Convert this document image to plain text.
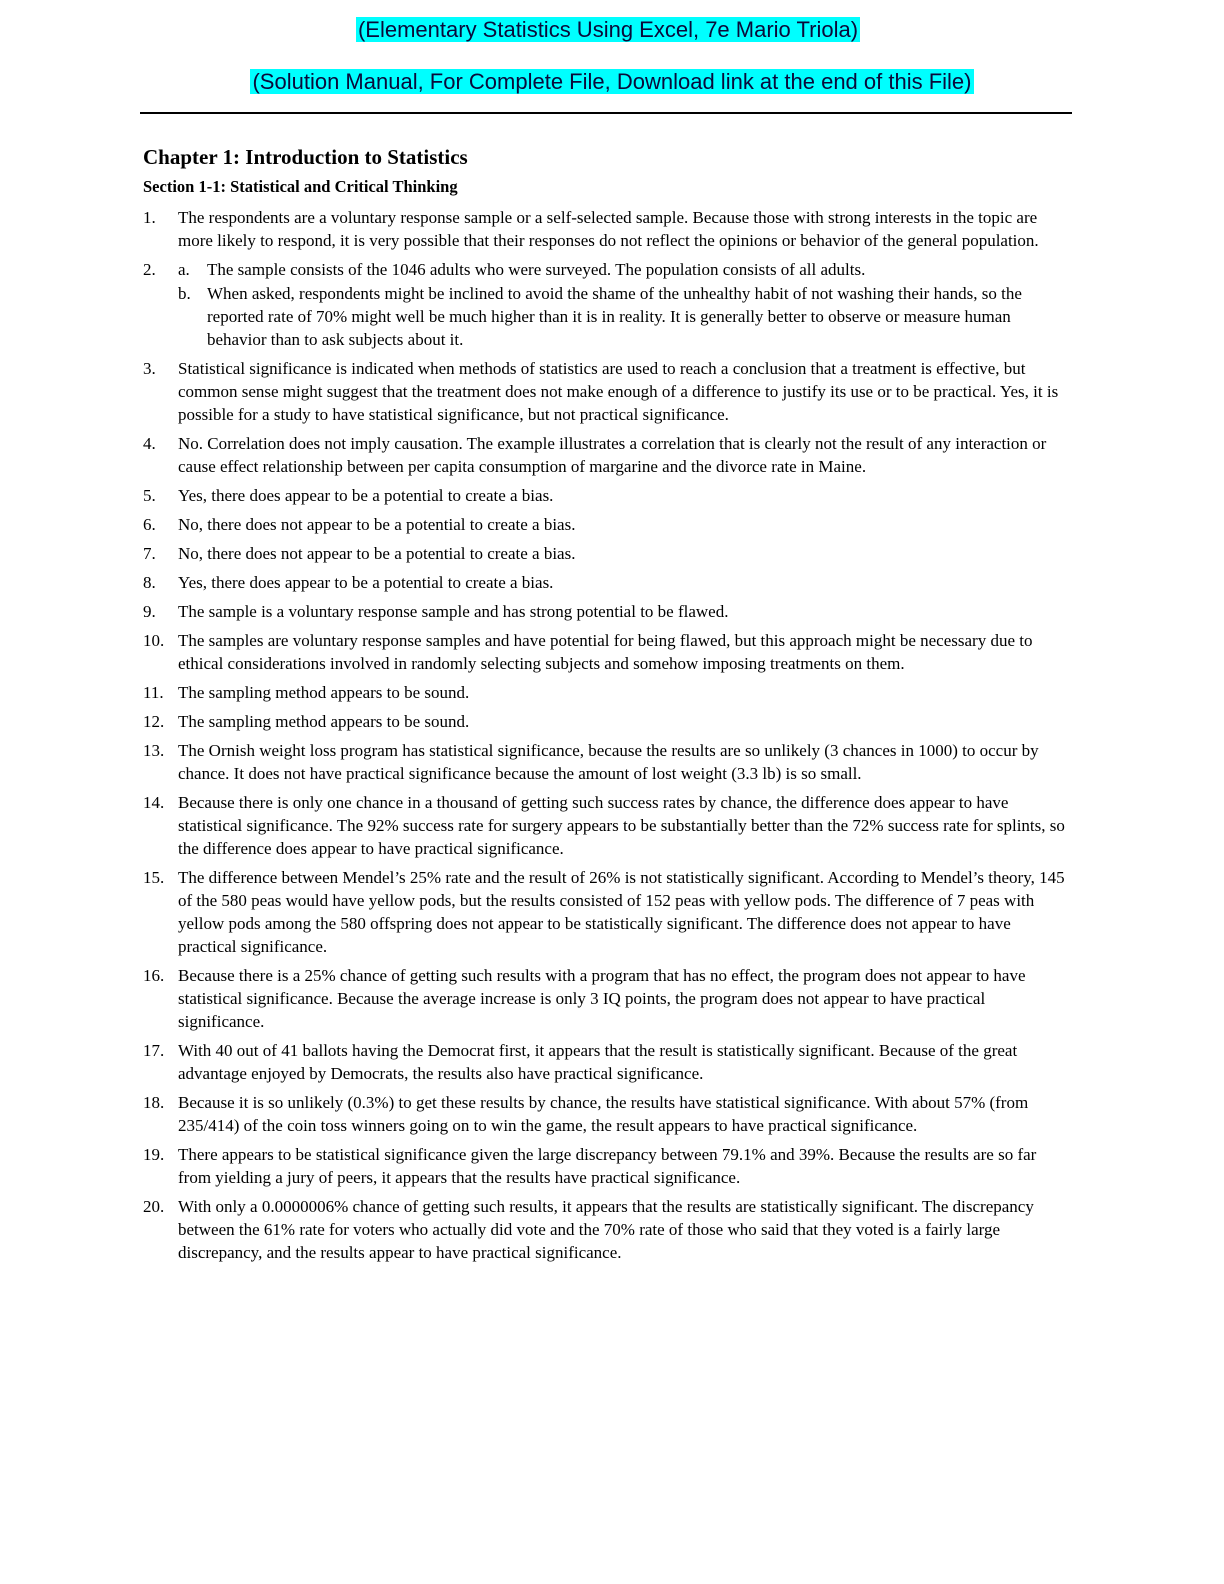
(Elementary Statistics Using Excel, 7e Mario Triola)
(Solution Manual, For Complete File, Download link at the end of this File)
Chapter 1: Introduction to Statistics
Section 1-1: Statistical and Critical Thinking
1. The respondents are a voluntary response sample or a self-selected sample. Because those with strong interests in the topic are more likely to respond, it is very possible that their responses do not reflect the opinions or behavior of the general population.
2. a. The sample consists of the 1046 adults who were surveyed. The population consists of all adults.
b. When asked, respondents might be inclined to avoid the shame of the unhealthy habit of not washing their hands, so the reported rate of 70% might well be much higher than it is in reality. It is generally better to observe or measure human behavior than to ask subjects about it.
3. Statistical significance is indicated when methods of statistics are used to reach a conclusion that a treatment is effective, but common sense might suggest that the treatment does not make enough of a difference to justify its use or to be practical. Yes, it is possible for a study to have statistical significance, but not practical significance.
4. No. Correlation does not imply causation. The example illustrates a correlation that is clearly not the result of any interaction or cause effect relationship between per capita consumption of margarine and the divorce rate in Maine.
5. Yes, there does appear to be a potential to create a bias.
6. No, there does not appear to be a potential to create a bias.
7. No, there does not appear to be a potential to create a bias.
8. Yes, there does appear to be a potential to create a bias.
9. The sample is a voluntary response sample and has strong potential to be flawed.
10. The samples are voluntary response samples and have potential for being flawed, but this approach might be necessary due to ethical considerations involved in randomly selecting subjects and somehow imposing treatments on them.
11. The sampling method appears to be sound.
12. The sampling method appears to be sound.
13. The Ornish weight loss program has statistical significance, because the results are so unlikely (3 chances in 1000) to occur by chance. It does not have practical significance because the amount of lost weight (3.3 lb) is so small.
14. Because there is only one chance in a thousand of getting such success rates by chance, the difference does appear to have statistical significance. The 92% success rate for surgery appears to be substantially better than the 72% success rate for splints, so the difference does appear to have practical significance.
15. The difference between Mendel’s 25% rate and the result of 26% is not statistically significant. According to Mendel’s theory, 145 of the 580 peas would have yellow pods, but the results consisted of 152 peas with yellow pods. The difference of 7 peas with yellow pods among the 580 offspring does not appear to be statistically significant. The difference does not appear to have practical significance.
16. Because there is a 25% chance of getting such results with a program that has no effect, the program does not appear to have statistical significance. Because the average increase is only 3 IQ points, the program does not appear to have practical significance.
17. With 40 out of 41 ballots having the Democrat first, it appears that the result is statistically significant. Because of the great advantage enjoyed by Democrats, the results also have practical significance.
18. Because it is so unlikely (0.3%) to get these results by chance, the results have statistical significance. With about 57% (from 235/414) of the coin toss winners going on to win the game, the result appears to have practical significance.
19. There appears to be statistical significance given the large discrepancy between 79.1% and 39%. Because the results are so far from yielding a jury of peers, it appears that the results have practical significance.
20. With only a 0.0000006% chance of getting such results, it appears that the results are statistically significant. The discrepancy between the 61% rate for voters who actually did vote and the 70% rate of those who said that they voted is a fairly large discrepancy, and the results appear to have practical significance.
